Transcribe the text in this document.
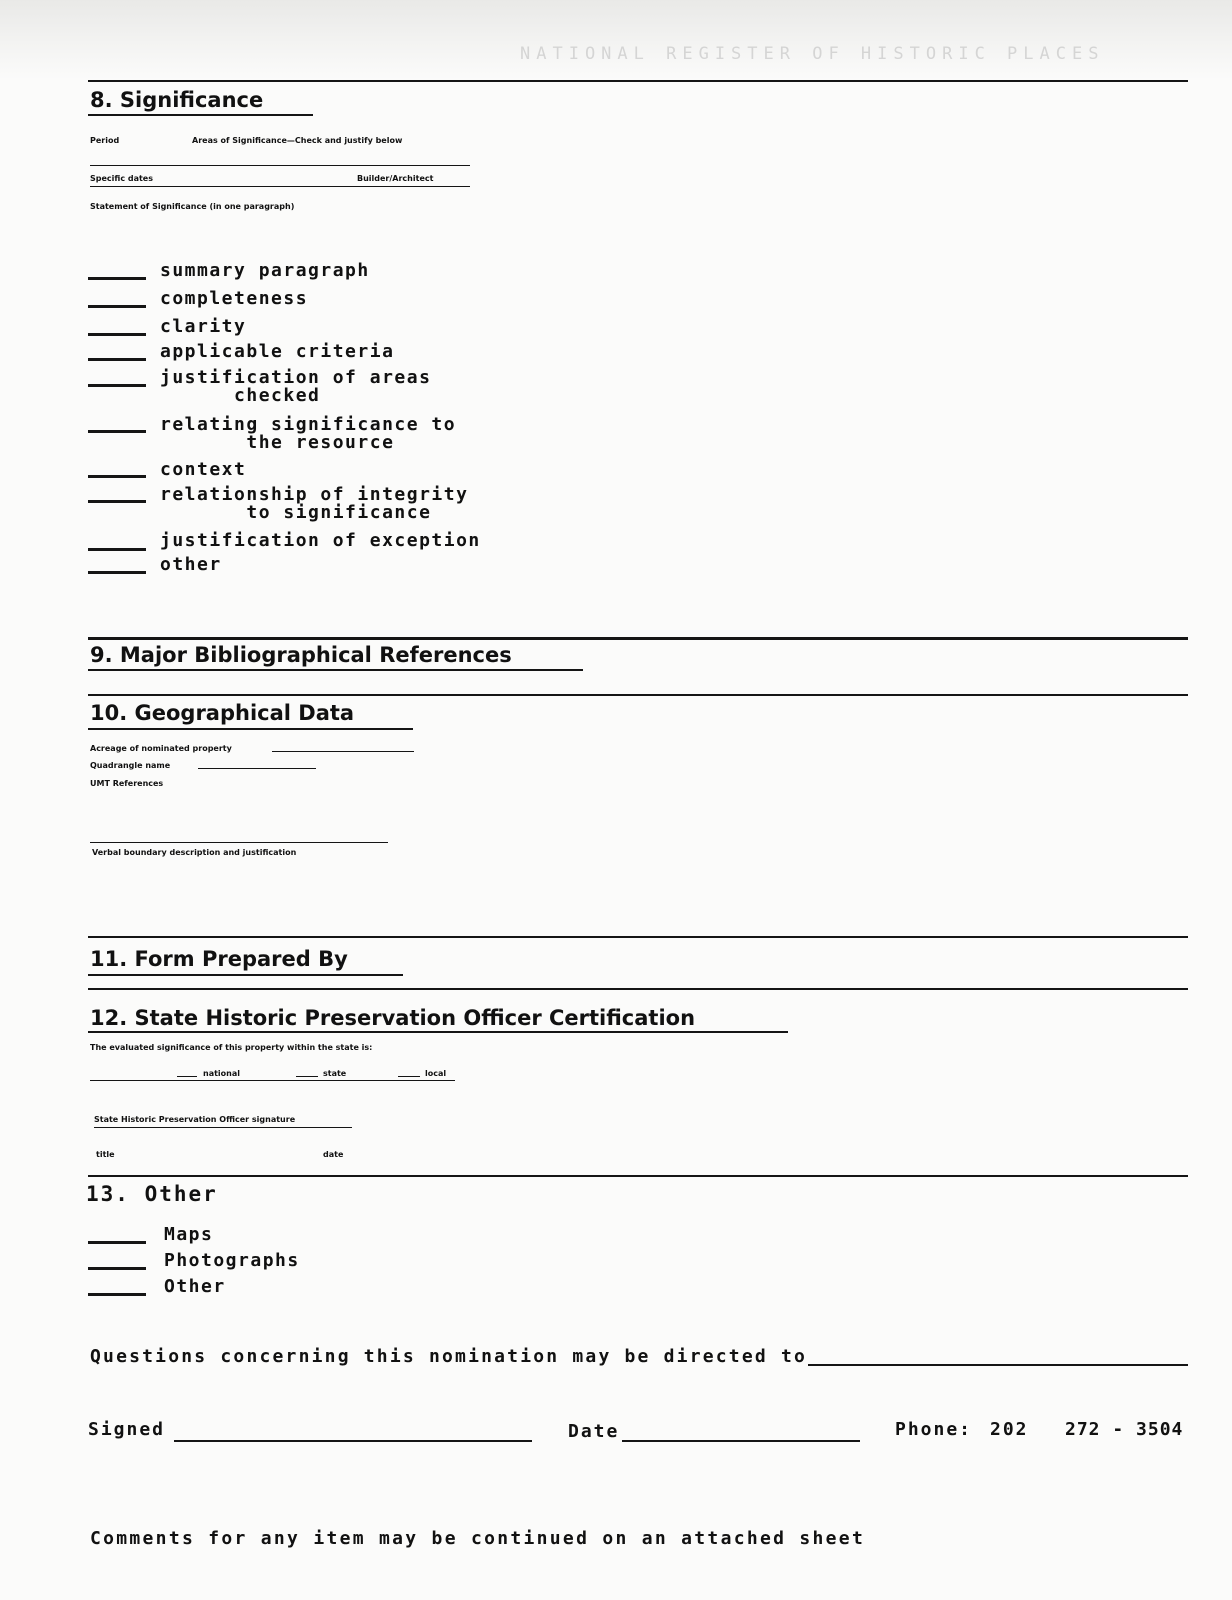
NATIONAL REGISTER OF HISTORIC PLACES
8. Significance
Period	Areas of Significance—Check and justify below
Specific dates	Builder/Architect
Statement of Significance (in one paragraph)
summary paragraph
completeness
clarity
applicable criteria
justification of areas
checked
relating significance to
the resource
context
relationship of integrity
to significance
justification of exception
other
9. Major Bibliographical References
10. Geographical Data
Acreage of nominated property
Quadrangle name
UMT References
Verbal boundary description and justification
11. Form Prepared By
12. State Historic Preservation Officer Certification
The evaluated significance of this property within the state is:
national	state	local
State Historic Preservation Officer signature
title	date
13. Other
Maps
Photographs
Other
Questions concerning this nomination may be directed to
Signed	Date	Phone: 202 272 - 3504
Comments for any item may be continued on an attached sheet
